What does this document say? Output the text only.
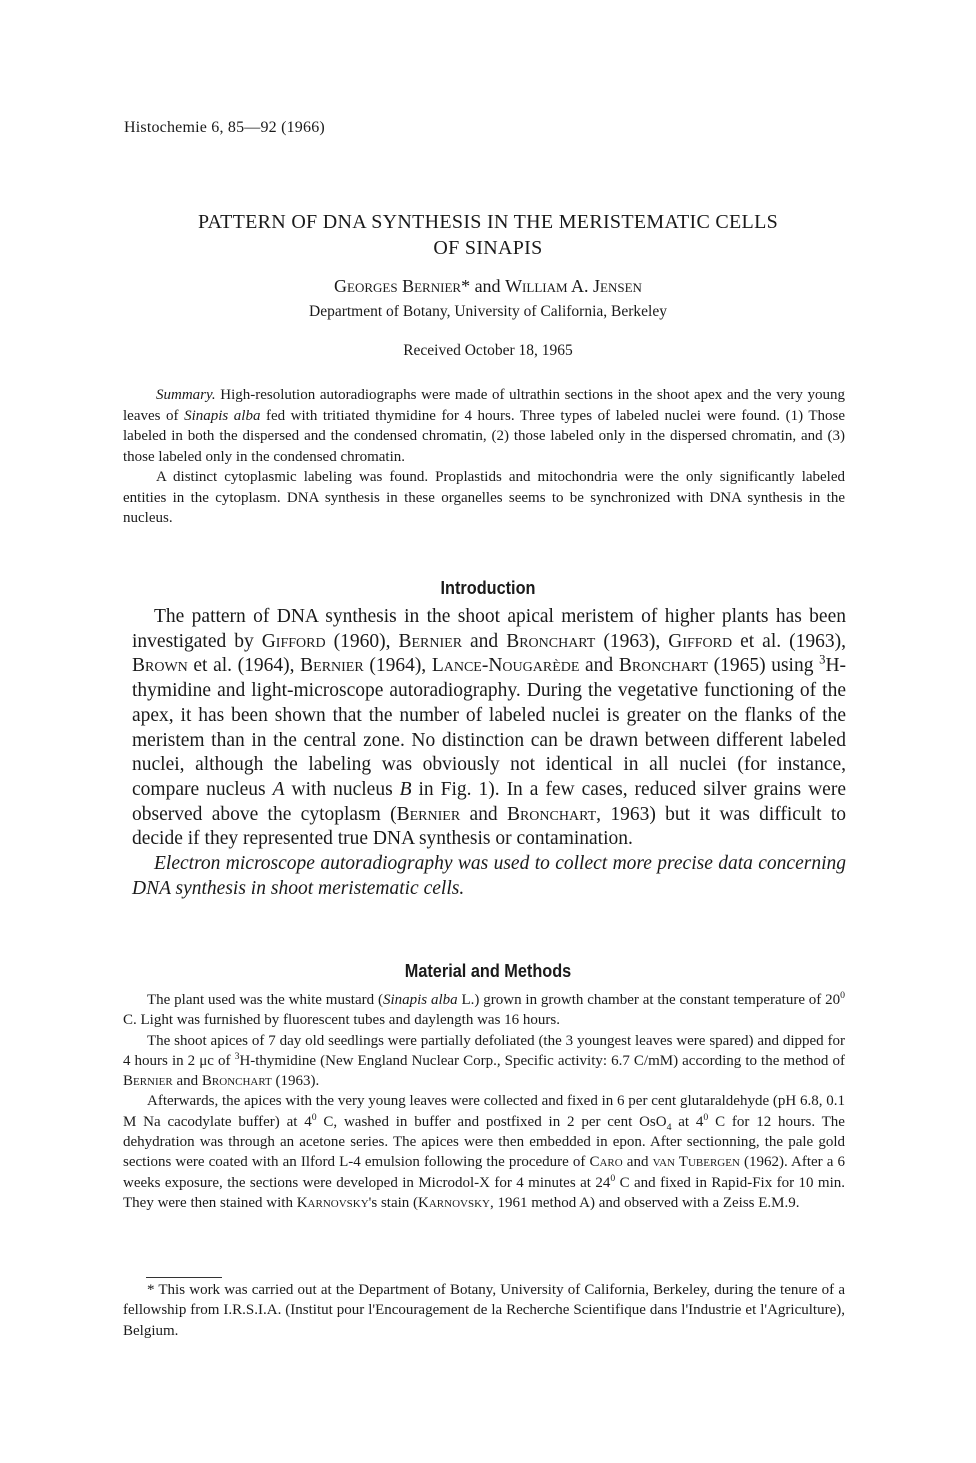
Histochemie 6, 85—92 (1966)
PATTERN OF DNA SYNTHESIS IN THE MERISTEMATIC CELLS
OF SINAPIS
Georges Bernier* and William A. Jensen
Department of Botany, University of California, Berkeley
Received October 18, 1965

Summary. High-resolution autoradiographs were made of ultrathin sections in the shoot apex and the very young leaves of Sinapis alba fed with tritiated thymidine for 4 hours. Three types of labeled nuclei were found. (1) Those labeled in both the dispersed and the condensed chromatin, (2) those labeled only in the dispersed chromatin, and (3) those labeled only in the condensed chromatin.

A distinct cytoplasmic labeling was found. Proplastids and mitochondria were the only significantly labeled entities in the cytoplasm. DNA synthesis in these organelles seems to be synchronized with DNA synthesis in the nucleus.

Introduction

The pattern of DNA synthesis in the shoot apical meristem of higher plants has been investigated by Gifford (1960), Bernier and Bronchart (1963), Gifford et al. (1963), Brown et al. (1964), Bernier (1964), Lance-Nougarède and Bronchart (1965) using $^3$H-thymidine and light-microscope autoradiography. During the vegetative functioning of the apex, it has been shown that the number of labeled nuclei is greater on the flanks of the meristem than in the central zone. No distinction can be drawn between different labeled nuclei, although the labeling was obviously not identical in all nuclei (for instance, compare nucleus A with nucleus B in Fig. 1). In a few cases, reduced silver grains were observed above the cytoplasm (Bernier and Bronchart, 1963) but it was difficult to decide if they represented true DNA synthesis or contamination.

Electron microscope autoradiography was used to collect more precise data concerning DNA synthesis in shoot meristematic cells.

Material and Methods

The plant used was the white mustard (Sinapis alba L.) grown in growth chamber at the constant temperature of $20^0$ C. Light was furnished by fluorescent tubes and daylength was 16 hours.

The shoot apices of 7 day old seedlings were partially defoliated (the 3 youngest leaves were spared) and dipped for 4 hours in 2 μc of $^3$H-thymidine (New England Nuclear Corp., Specific activity: 6.7 C/mM) according to the method of Bernier and Bronchart (1963).

Afterwards, the apices with the very young leaves were collected and fixed in 6 per cent glutaraldehyde (pH 6.8, 0.1 M Na cacodylate buffer) at $4^0$ C, washed in buffer and postfixed in 2 per cent OsO$_4$ at $4^0$ C for 12 hours. The dehydration was through an acetone series. The apices were then embedded in epon. After sectionning, the pale gold sections were coated with an Ilford L-4 emulsion following the procedure of Caro and van Tubergen (1962). After a 6 weeks exposure, the sections were developed in Microdol-X for 4 minutes at $24^0$ C and fixed in Rapid-Fix for 10 min. They were then stained with Karnovsky's stain (Karnovsky, 1961 method A) and observed with a Zeiss E.M.9.

* This work was carried out at the Department of Botany, University of California, Berkeley, during the tenure of a fellowship from I.R.S.I.A. (Institut pour l'Encouragement de la Recherche Scientifique dans l'Industrie et l'Agriculture), Belgium.
